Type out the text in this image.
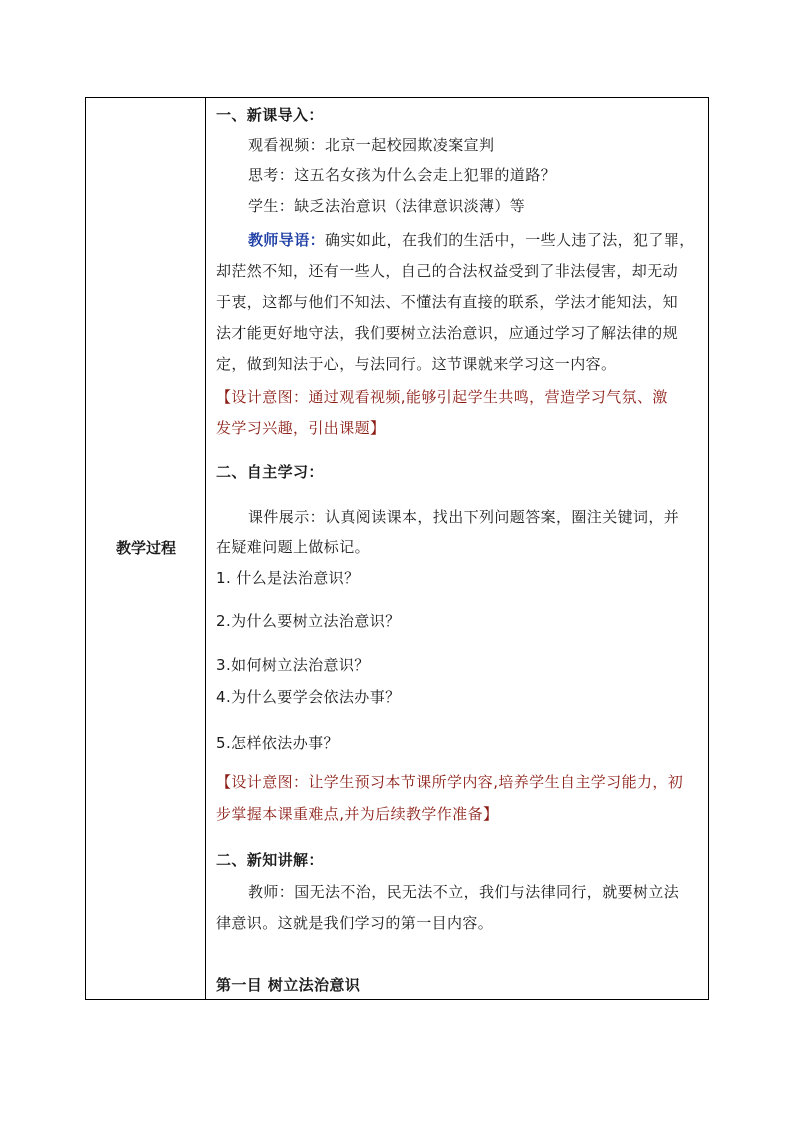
教学过程
一、新课导入：
观看视频：北京一起校园欺凌案宣判
思考：这五名女孩为什么会走上犯罪的道路？
学生：缺乏法治意识（法律意识淡薄）等
教师导语：确实如此，在我们的生活中，一些人违了法，犯了罪，
却茫然不知，还有一些人，自己的合法权益受到了非法侵害，却无动
于衷，这都与他们不知法、不懂法有直接的联系，学法才能知法，知
法才能更好地守法，我们要树立法治意识，应通过学习了解法律的规
定，做到知法于心，与法同行。这节课就来学习这一内容。
【设计意图：通过观看视频,能够引起学生共鸣，营造学习气氛、激
发学习兴趣，引出课题】
二、自主学习：
课件展示：认真阅读课本，找出下列问题答案，圈注关键词，并
在疑难问题上做标记。
1. 什么是法治意识？
2.为什么要树立法治意识？
3.如何树立法治意识？
4.为什么要学会依法办事？
5.怎样依法办事？
【设计意图：让学生预习本节课所学内容,培养学生自主学习能力，初
步掌握本课重难点,并为后续教学作准备】
二、新知讲解：
教师：国无法不治，民无法不立，我们与法律同行，就要树立法
律意识。这就是我们学习的第一目内容。
第一目 树立法治意识
